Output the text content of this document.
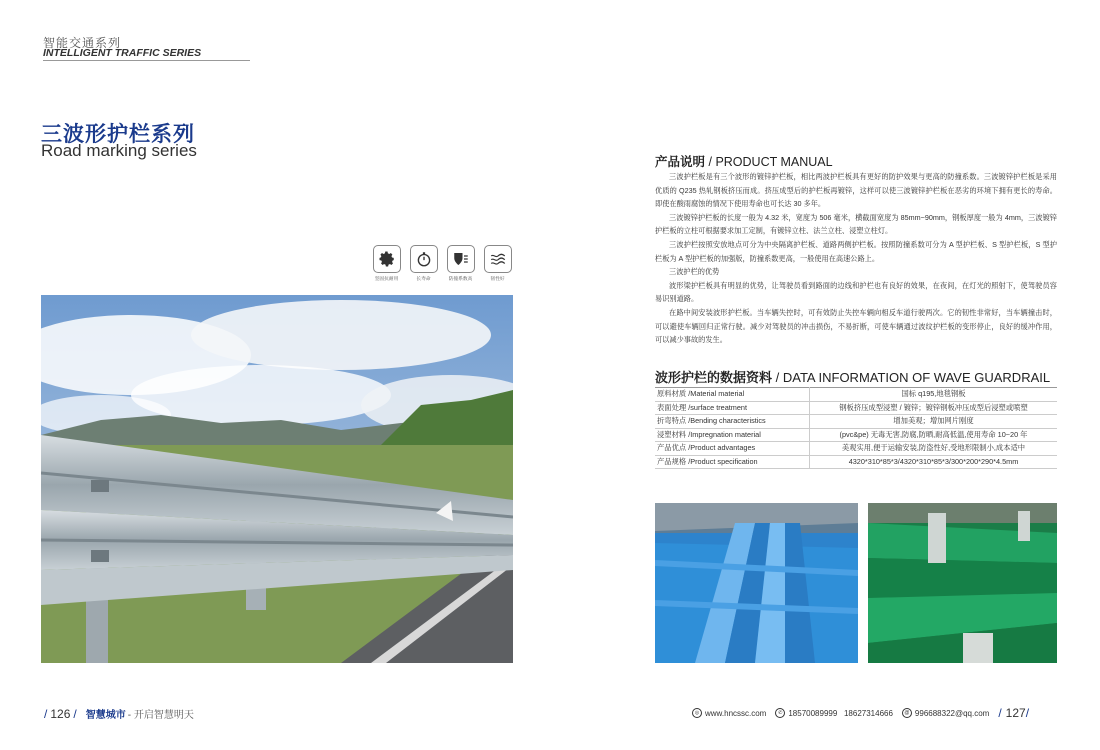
智能交通系列
INTELLIGENT TRAFFIC SERIES
三波形护栏系列
Road marking series
坚固抗耐用	长寿命	防撞系数高	韧性好
产品说明 / PRODUCT MANUAL

三波护栏板是有三个波形的镀锌护栏板，相比两波护栏板具有更好的防护效果与更高的防撞系数。三波镀锌护栏板是采用优质的 Q235 热轧钢板挤压而成。挤压成型后的护栏板再镀锌，这样可以使三波镀锌护栏板在恶劣的环境下拥有更长的寿命。即使在酸雨腐蚀的情况下使用寿命也可长达 30 多年。

三波镀锌护栏板的长度一般为 4.32 米，宽度为 506 毫米，横截面宽度为 85mm~90mm，钢板厚度一般为 4mm，三波镀锌护栏板的立柱可根据要求加工定制，有镀锌立柱、法兰立柱、浸塑立柱灯。

三波护栏按照安放地点可分为中央隔离护栏板、道路两侧护栏板。按照防撞系数可分为 A 型护栏板、S 型护栏板，S 型护栏板为 A 型护栏板的加强版，防撞系数更高，一般使用在高速公路上。

三波护栏的优势

波形梁护栏板具有明显的优势，让驾驶员看到路面的边线和护栏也有良好的效果，在夜间，在灯光的照射下，使驾驶员容易识别道路。

在路中间安装波形护栏板。当车辆失控时，可有效防止失控车辆向相反车道行驶两次。它的韧性非常好，当车辆撞击时，可以避使车辆回归正常行驶。减少对驾驶员的冲击损伤，不易折断，可使车辆通过波纹护栏板的变形停止，良好的缓冲作用，可以减少事故的发生。

波形护栏的数据资料 / DATA INFORMATION OF WAVE GUARDRAIL
原料材质 /Material material	国标 q195,地毯钢板
表面处理 /surface treatment	钢板挤压成型浸塑 / 镀锌；镀锌钢板冲压成型后浸塑或喷塑
折弯特点 /Bending characteristics	增加美观；增加网片刚度
浸塑材料 /Impregnation material	(pvc&pe) 无毒无害,防腐,防晒,耐高低温,使用寿命 10~20 年
产品优点 /Product advantages	美观实用,便于运输安装,防盗性好,受地形限制小,成本适中
产品规格 /Product specification	4320*310*85*3/4320*310*85*3/300*200*290*4.5mm
/ 126 / 智慧城市 - 开启智慧明天	◎ www.hncssc.com	✆ 18570089999   18627314666	@ 996688322@qq.com / 127 /
